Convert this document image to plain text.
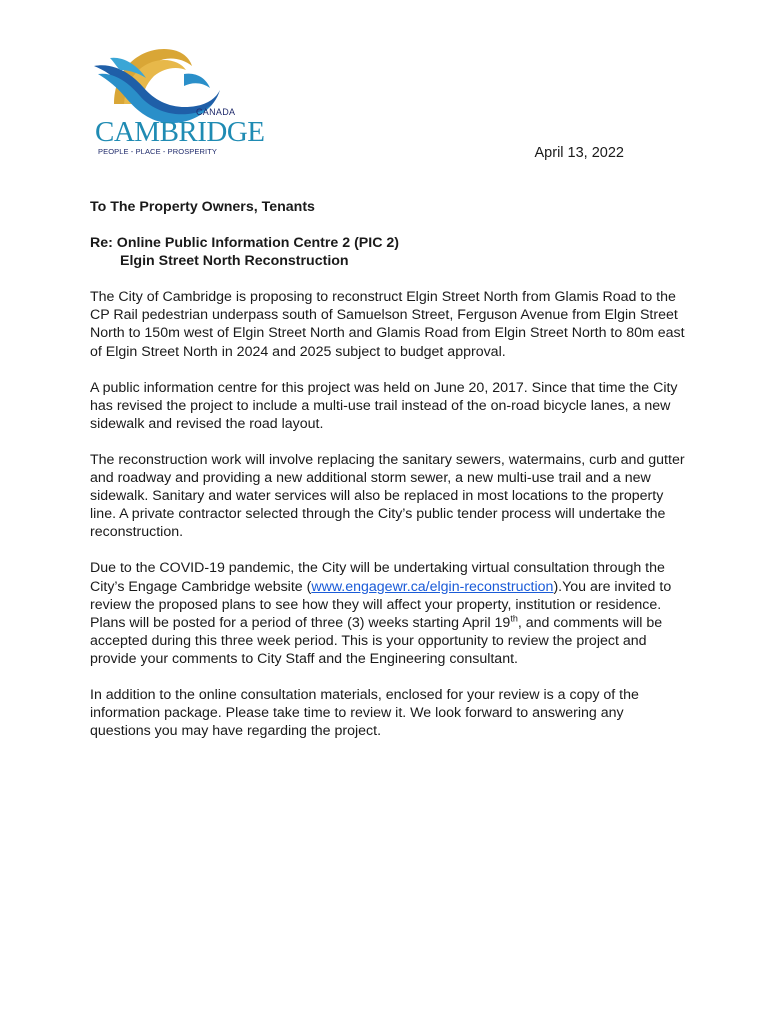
CANADA
CAMBRIDGE
PEOPLE - PLACE - PROSPERITY	April 13, 2022
To The Property Owners, Tenants
Re: Online Public Information Centre 2 (PIC 2)
Elgin Street North Reconstruction

The City of Cambridge is proposing to reconstruct Elgin Street North from Glamis Road to the CP Rail pedestrian underpass south of Samuelson Street, Ferguson Avenue from Elgin Street North to 150m west of Elgin Street North and Glamis Road from Elgin Street North to 80m east of Elgin Street North in 2024 and 2025 subject to budget approval.

A public information centre for this project was held on June 20, 2017. Since that time the City has revised the project to include a multi-use trail instead of the on-road bicycle lanes, a new sidewalk and revised the road layout.

The reconstruction work will involve replacing the sanitary sewers, watermains, curb and gutter and roadway and providing a new additional storm sewer, a new multi-use trail and a new sidewalk. Sanitary and water services will also be replaced in most locations to the property line. A private contractor selected through the City’s public tender process will undertake the reconstruction.

Due to the COVID-19 pandemic, the City will be undertaking virtual consultation through the City’s Engage Cambridge website (www.engagewr.ca/elgin-reconstruction).You are invited to review the proposed plans to see how they will affect your property, institution or residence. Plans will be posted for a period of three (3) weeks starting April 19th, and comments will be accepted during this three week period. This is your opportunity to review the project and provide your comments to City Staff and the Engineering consultant.

In addition to the online consultation materials, enclosed for your review is a copy of the information package. Please take time to review it. We look forward to answering any questions you may have regarding the project.
